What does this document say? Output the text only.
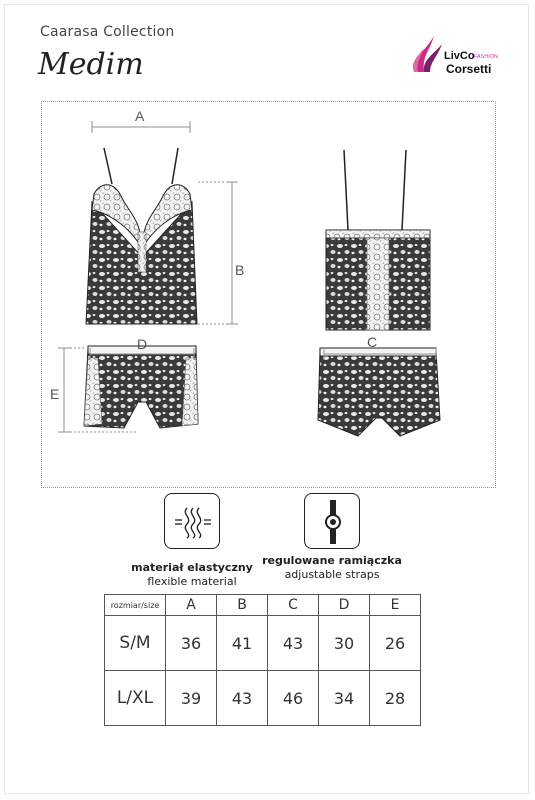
Caarasa Collection
Medim	LivCo FASHION
Corsetti
A
B
C
D
E
materiał elastyczny
flexible material
regulowane ramiączka
adjustable straps
rozmiar/size	A	B	C	D	E
S/M	36	41	43	30	26
L/XL	39	43	46	34	28
